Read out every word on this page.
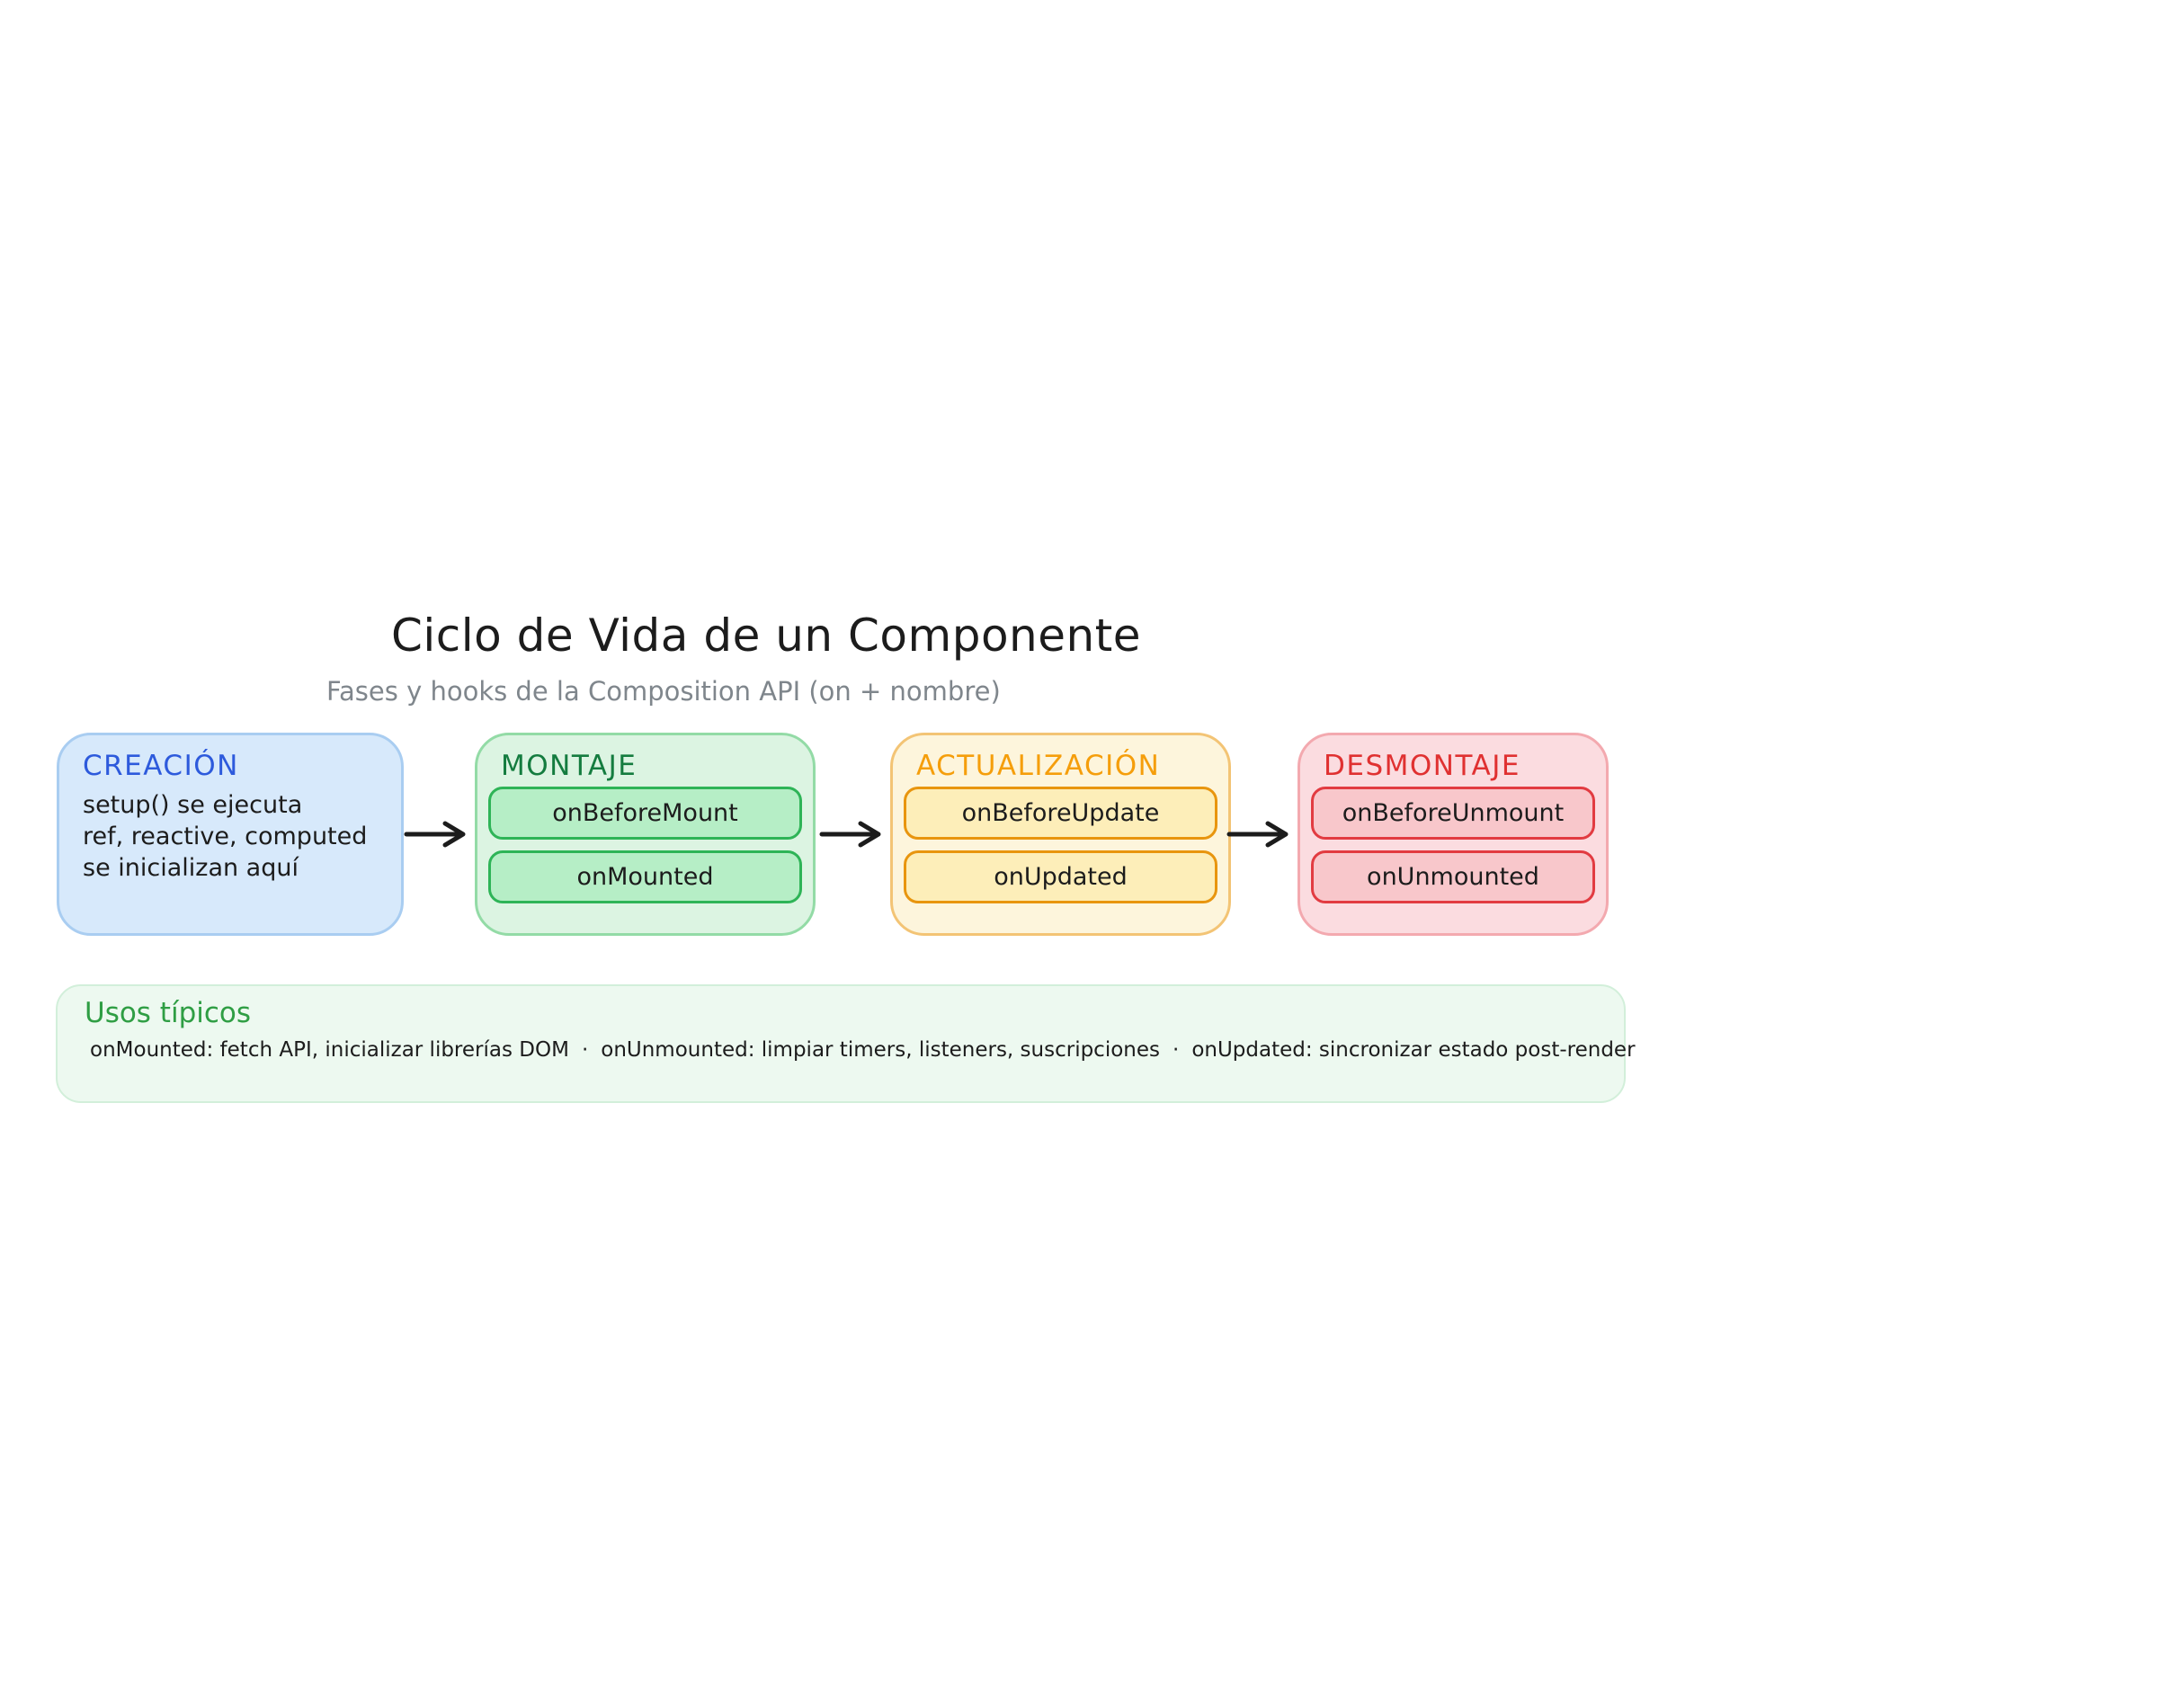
Ciclo de Vida de un Componente
Fases y hooks de la Composition API (on + nombre)
CREACIÓN
setup() se ejecuta
ref, reactive, computed
se inicializan aquí
MONTAJE
onBeforeMount
onMounted
ACTUALIZACIÓN
onBeforeUpdate
onUpdated
DESMONTAJE
onBeforeUnmount
onUnmounted
Usos típicos
onMounted: fetch API, inicializar librerías DOM · onUnmounted: limpiar timers, listeners, suscripciones · onUpdated: sincronizar estado post-render
